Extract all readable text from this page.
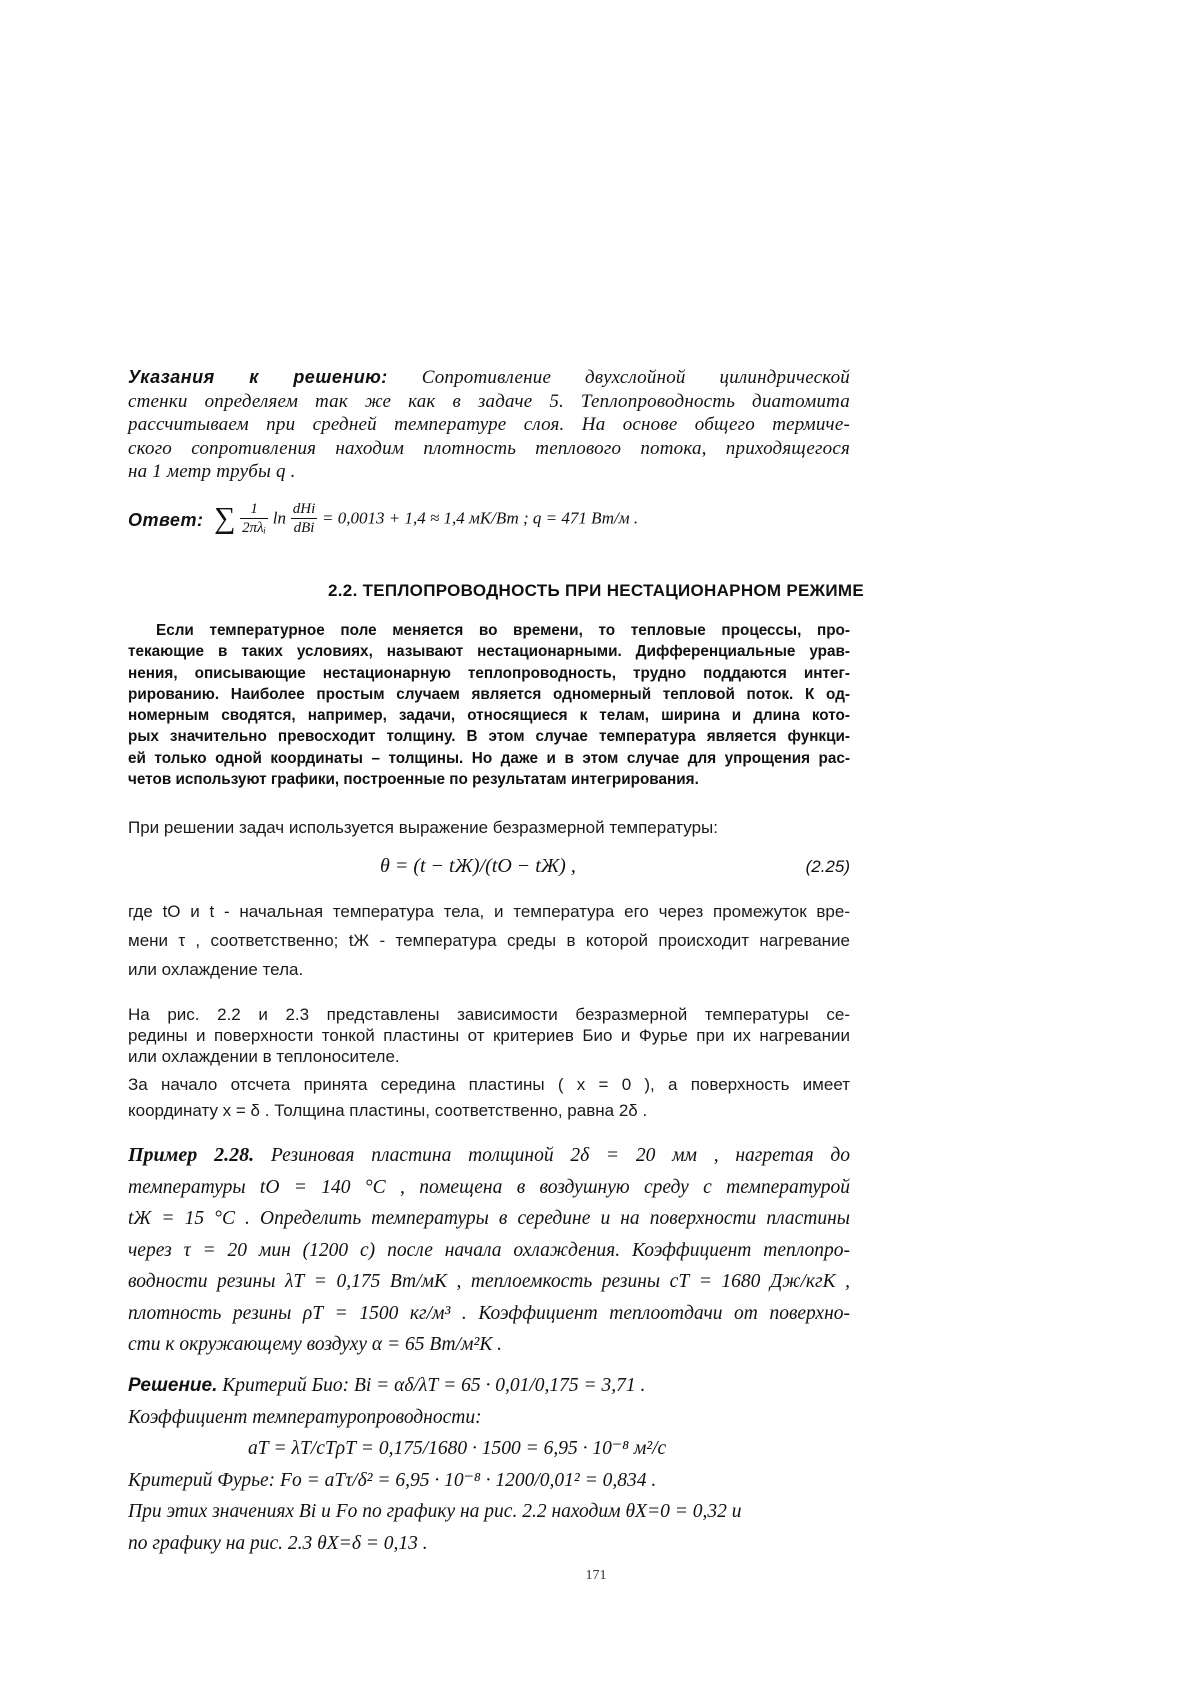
Указания к решению: Сопротивление двухслойной цилиндрической
стенки определяем так же как в задаче 5. Теплопроводность диатомита
рассчитываем при средней температуре слоя. На основе общего термиче-
ского сопротивления находим плотность теплового потока, приходящегося
на 1 метр трубы q .
Ответ: ∑ $\frac{1}{\text{2πλᵢ}}$ $\ln \frac{\text{dНi}}{\text{dВi}} = 0,0013 + 1,4 \approx 1,4$ мК/Вт ; q = 471 Вт/м .
2.2. ТЕПЛОПРОВОДНОСТЬ ПРИ НЕСТАЦИОНАРНОМ РЕЖИМЕ
Если температурное поле меняется во времени, то тепловые процессы, про-
текающие в таких условиях, называют нестационарными. Дифференциальные урав-
нения, описывающие нестационарную теплопроводность, трудно поддаются интег-
рированию. Наиболее простым случаем является одномерный тепловой поток. К од-
номерным сводятся, например, задачи, относящиеся к телам, ширина и длина кото-
рых значительно превосходит толщину. В этом случае температура является функци-
ей только одной координаты – толщины. Но даже и в этом случае для упрощения рас-
четов используют графики, построенные по результатам интегрирования.
При решении задач используется выражение безразмерной температуры:
θ = (t − tЖ)/(tО − tЖ) ,	(2.25)
где tО и t - начальная температура тела, и температура его через промежуток вре-
мени τ , соответственно; tЖ - температура среды в которой происходит нагревание
или охлаждение тела.
На рис. 2.2 и 2.3 представлены зависимости безразмерной температуры се-
редины и поверхности тонкой пластины от критериев Био и Фурье при их нагревании
или охлаждении в теплоносителе.
За начало отсчета принята середина пластины ( x = 0 ), а поверхность имеет
координату x = δ . Толщина пластины, соответственно, равна 2δ .
Пример 2.28. Резиновая пластина толщиной 2δ = 20 мм , нагретая до
температуры tО = 140 °C , помещена в воздушную среду с температурой
tЖ = 15 °C . Определить температуры в середине и на поверхности пластины
через τ = 20 мин (1200 с) после начала охлаждения. Коэффициент теплопро-
водности резины λТ = 0,175 Вт/мК , теплоемкость резины cТ = 1680 Дж/кгК ,
плотность резины ρТ = 1500 кг/м³ . Коэффициент теплоотдачи от поверхно-
сти к окружающему воздуху α = 65 Вт/м²К .
Решение. Критерий Био: Bi = αδ/λТ = 65 · 0,01/0,175 = 3,71 .
Коэффициент температуропроводности:
aТ = λТ/cТρТ = 0,175/1680 · 1500 = 6,95 · 10⁻⁸ м²/с
Критерий Фурье: Fo = aТτ/δ² = 6,95 · 10⁻⁸ · 1200/0,01² = 0,834 .
При этих значениях Bi и Fo по графику на рис. 2.2 находим θX=0 = 0,32 и
по графику на рис. 2.3 θX=δ = 0,13 .
171
